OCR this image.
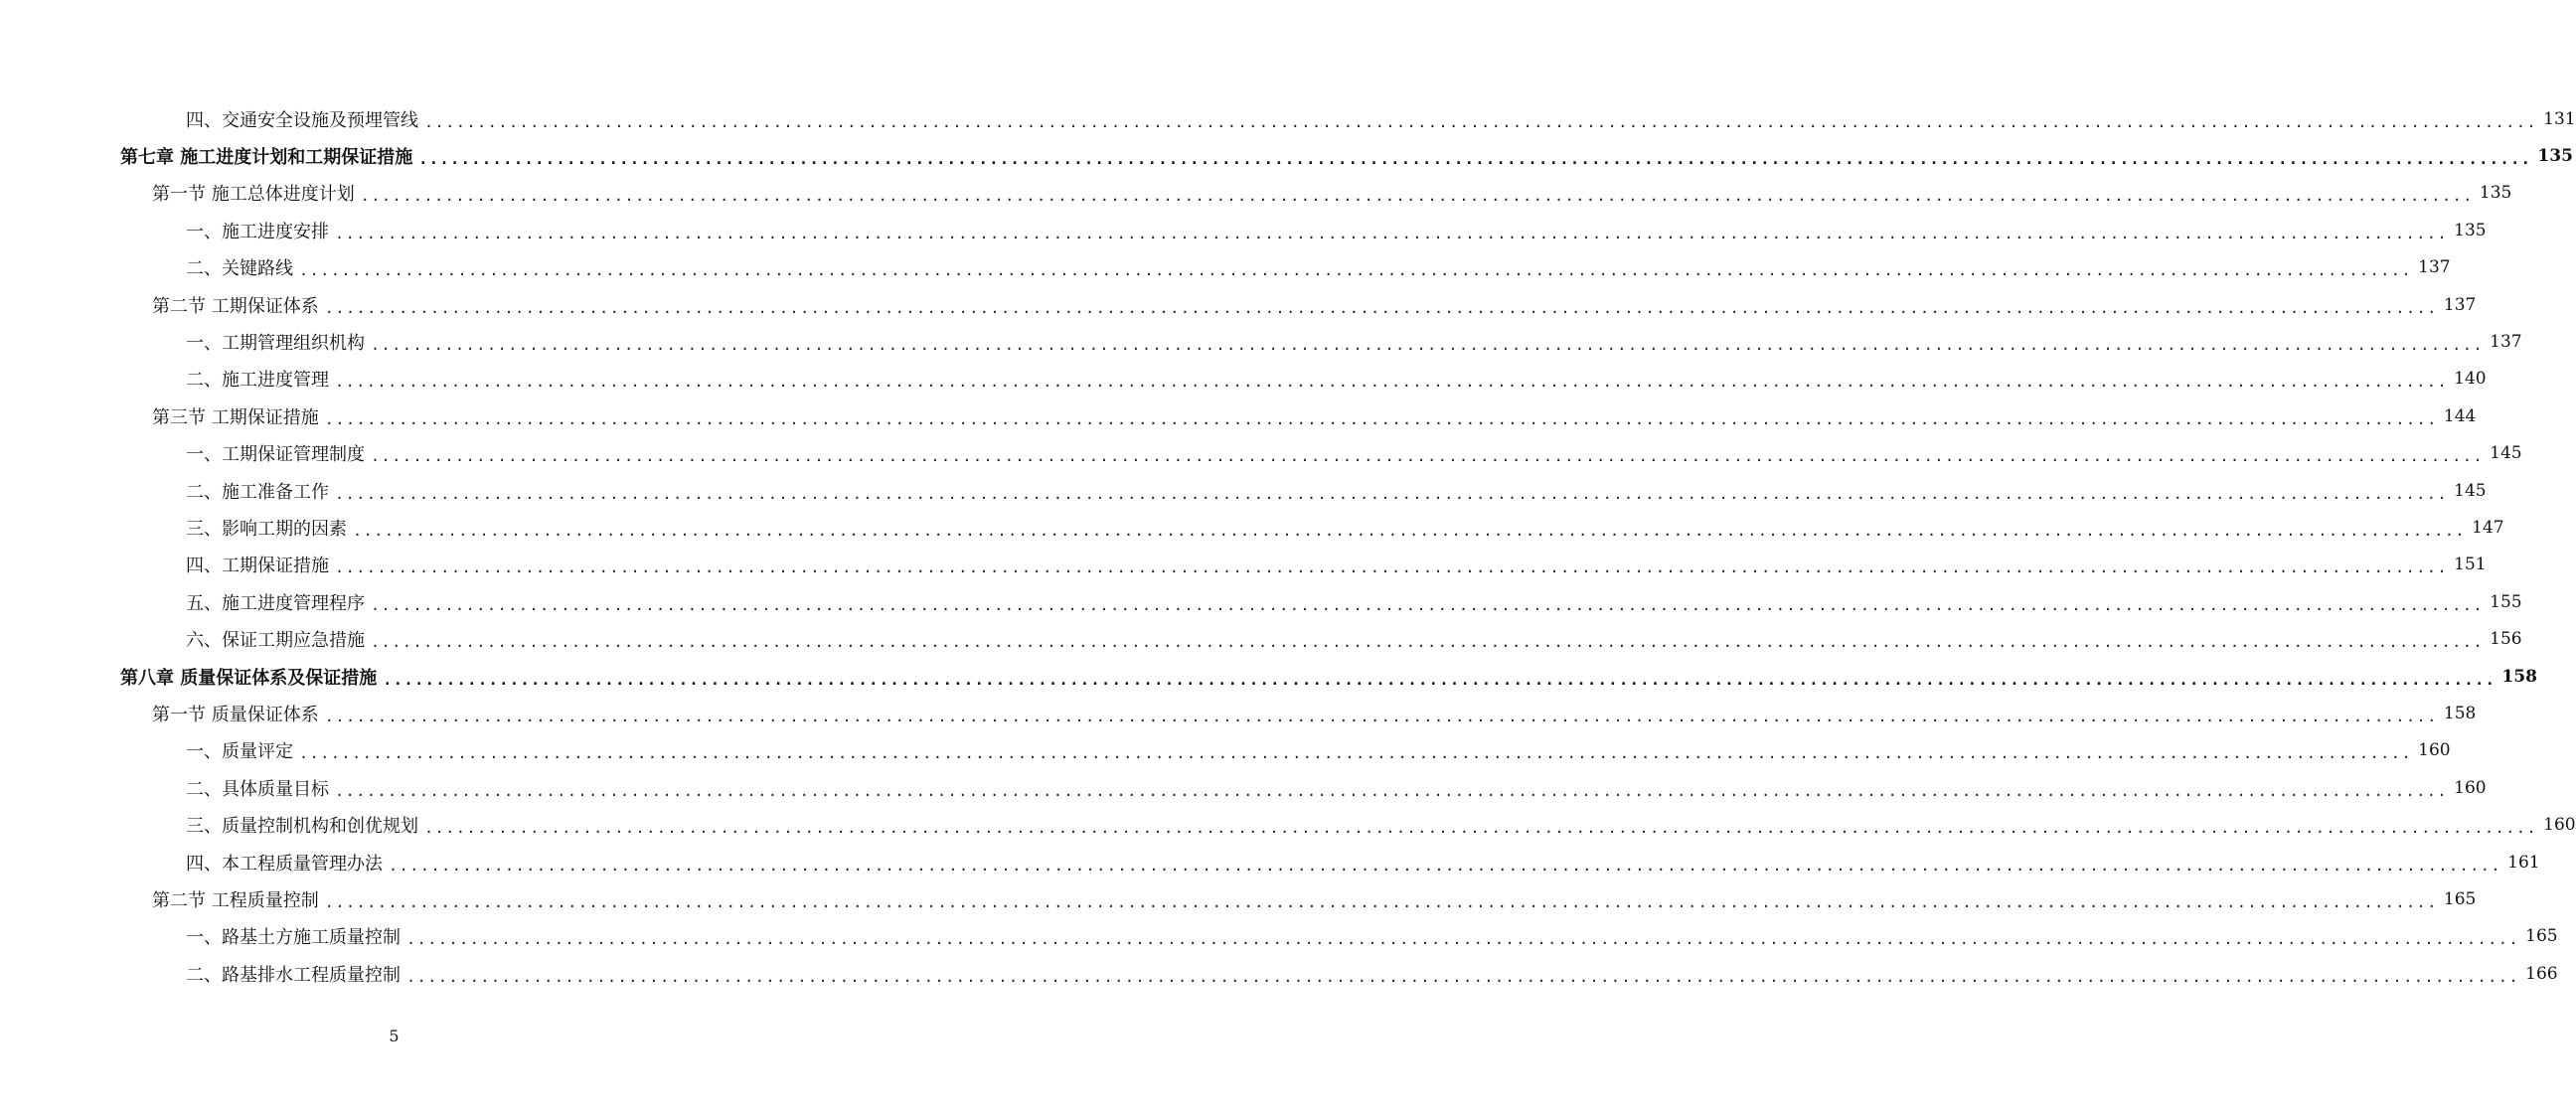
四、交通安全设施及预埋管线 ........................................................................................................................................................................................................ 131
第七章 施工进度计划和工期保证措施 ........................................................................................................................................................................................................ 135
第一节 施工总体进度计划 ........................................................................................................................................................................................................ 135
一、施工进度安排 ........................................................................................................................................................................................................ 135
二、关键路线 ........................................................................................................................................................................................................ 137
第二节 工期保证体系 ........................................................................................................................................................................................................ 137
一、工期管理组织机构 ........................................................................................................................................................................................................ 137
二、施工进度管理 ........................................................................................................................................................................................................ 140
第三节 工期保证措施 ........................................................................................................................................................................................................ 144
一、工期保证管理制度 ........................................................................................................................................................................................................ 145
二、施工准备工作 ........................................................................................................................................................................................................ 145
三、影响工期的因素 ........................................................................................................................................................................................................ 147
四、工期保证措施 ........................................................................................................................................................................................................ 151
五、施工进度管理程序 ........................................................................................................................................................................................................ 155
六、保证工期应急措施 ........................................................................................................................................................................................................ 156
第八章 质量保证体系及保证措施 ........................................................................................................................................................................................................ 158
第一节 质量保证体系 ........................................................................................................................................................................................................ 158
一、质量评定 ........................................................................................................................................................................................................ 160
二、具体质量目标 ........................................................................................................................................................................................................ 160
三、质量控制机构和创优规划 ........................................................................................................................................................................................................ 160
四、本工程质量管理办法 ........................................................................................................................................................................................................ 161
第二节 工程质量控制 ........................................................................................................................................................................................................ 165
一、路基土方施工质量控制 ........................................................................................................................................................................................................ 165
二、路基排水工程质量控制 ........................................................................................................................................................................................................ 166
5
